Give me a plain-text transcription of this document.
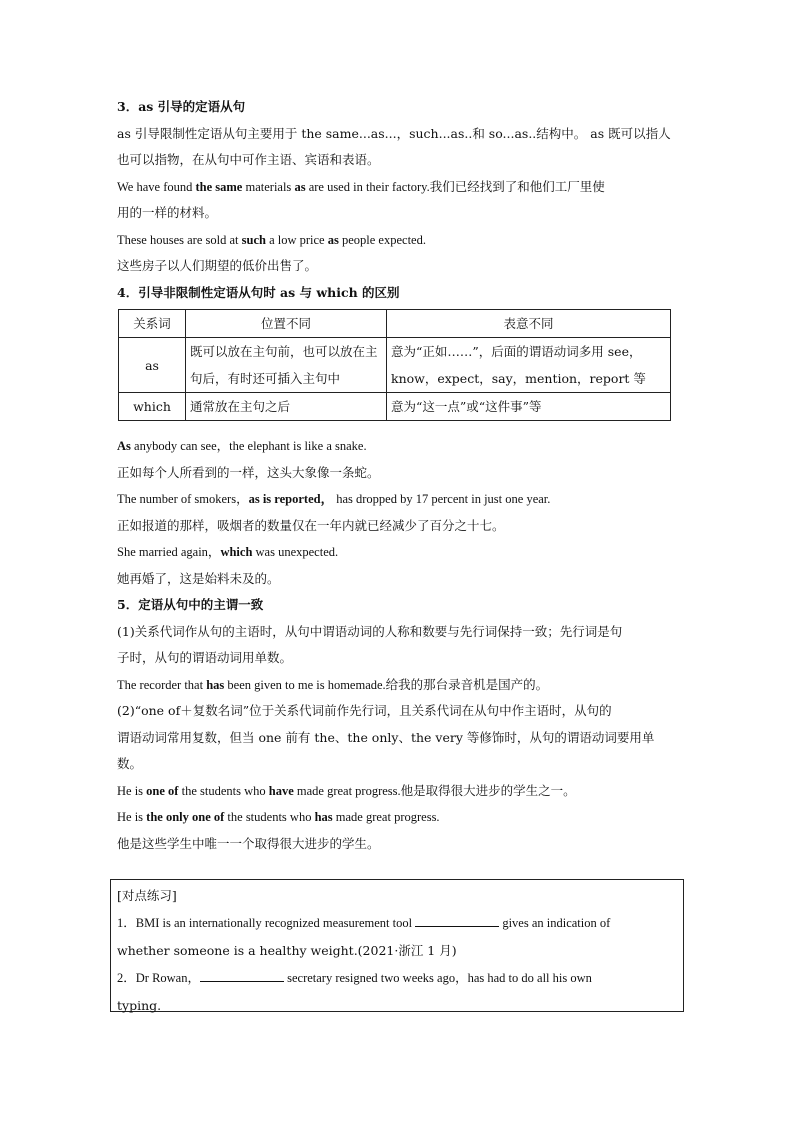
3．as 引导的定语从句
as 引导限制性定语从句主要用于 the same...as...，such...as..和 so...as..结构中。 as 既可以指人
也可以指物，在从句中可作主语、宾语和表语。
We have found the same materials as are used in their factory.我们已经找到了和他们工厂里使
用的一样的材料。
These houses are sold at such a low price as people expected.
这些房子以人们期望的低价出售了。
4．引导非限制性定语从句时 as 与 which 的区别
关系词	位置不同	表意不同
as	既可以放在主句前，也可以放在主句后，有时还可插入主句中	意为“正如……”，后面的谓语动词多用 see，know，expect，say，mention，report 等
which	通常放在主句之后	意为“这一点”或“这件事”等
As anybody can see，the elephant is like a snake.
正如每个人所看到的一样，这头大象像一条蛇。
The number of smokers，as is reported， has dropped by 17 percent in just one year.
正如报道的那样，吸烟者的数量仅在一年内就已经减少了百分之十七。
She married again，which was unexpected.
她再婚了，这是始料未及的。
5．定语从句中的主谓一致
(1)关系代词作从句的主语时，从句中谓语动词的人称和数要与先行词保持一致；先行词是句
子时，从句的谓语动词用单数。
The recorder that has been given to me is homemade.给我的那台录音机是国产的。
(2)“one of＋复数名词”位于关系代词前作先行词，且关系代词在从句中作主语时，从句的
谓语动词常用复数，但当 one 前有 the、the only、the very 等修饰时，从句的谓语动词要用单
数。
He is one of the students who have made great progress.他是取得很大进步的学生之一。
He is the only one of the students who has made great progress.
他是这些学生中唯一一个取得很大进步的学生。
[对点练习]
1．BMI is an internationally recognized measurement tool	gives an indication of
whether someone is a healthy weight.(2021·浙江 1 月)
2．Dr Rowan，	secretary resigned two weeks ago，has had to do all his own
typing.
